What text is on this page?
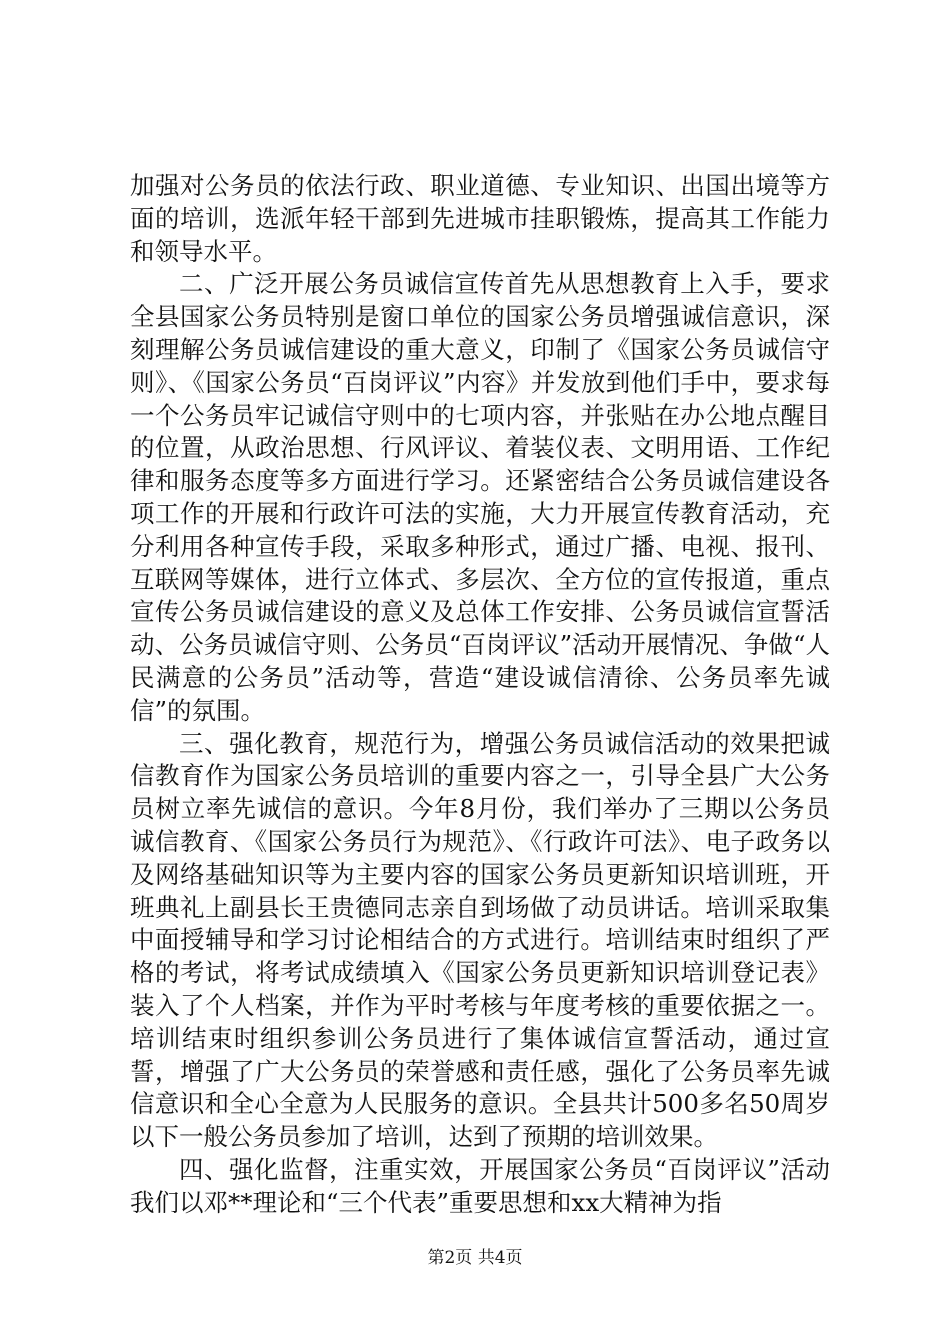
加强对公务员的依法行政、职业道德、专业知识、出国出境等方面的培训，选派年轻干部到先进城市挂职锻炼，提高其工作能力和领导水平。

二、广泛开展公务员诚信宣传首先从思想教育上入手，要求全县国家公务员特别是窗口单位的国家公务员增强诚信意识，深刻理解公务员诚信建设的重大意义，印制了《国家公务员诚信守则》、《国家公务员“百岗评议”内容》并发放到他们手中，要求每一个公务员牢记诚信守则中的七项内容，并张贴在办公地点醒目的位置，从政治思想、行风评议、着装仪表、文明用语、工作纪律和服务态度等多方面进行学习。还紧密结合公务员诚信建设各项工作的开展和行政许可法的实施，大力开展宣传教育活动，充分利用各种宣传手段，采取多种形式，通过广播、电视、报刊、互联网等媒体，进行立体式、多层次、全方位的宣传报道，重点宣传公务员诚信建设的意义及总体工作安排、公务员诚信宣誓活动、公务员诚信守则、公务员“百岗评议”活动开展情况、争做“人民满意的公务员”活动等，营造“建设诚信清徐、公务员率先诚信”的氛围。

三、强化教育，规范行为，增强公务员诚信活动的效果把诚信教育作为国家公务员培训的重要内容之一，引导全县广大公务员树立率先诚信的意识。今年8月份，我们举办了三期以公务员诚信教育、《国家公务员行为规范》、《行政许可法》、电子政务以及网络基础知识等为主要内容的国家公务员更新知识培训班，开班典礼上副县长王贵德同志亲自到场做了动员讲话。培训采取集中面授辅导和学习讨论相结合的方式进行。培训结束时组织了严格的考试，将考试成绩填入《国家公务员更新知识培训登记表》装入了个人档案，并作为平时考核与年度考核的重要依据之一。培训结束时组织参训公务员进行了集体诚信宣誓活动，通过宣誓，增强了广大公务员的荣誉感和责任感，强化了公务员率先诚信意识和全心全意为人民服务的意识。全县共计500多名50周岁以下一般公务员参加了培训，达到了预期的培训效果。

四、强化监督，注重实效，开展国家公务员“百岗评议”活动我们以邓**理论和“三个代表”重要思想和xx大精神为指

第2页 共4页
